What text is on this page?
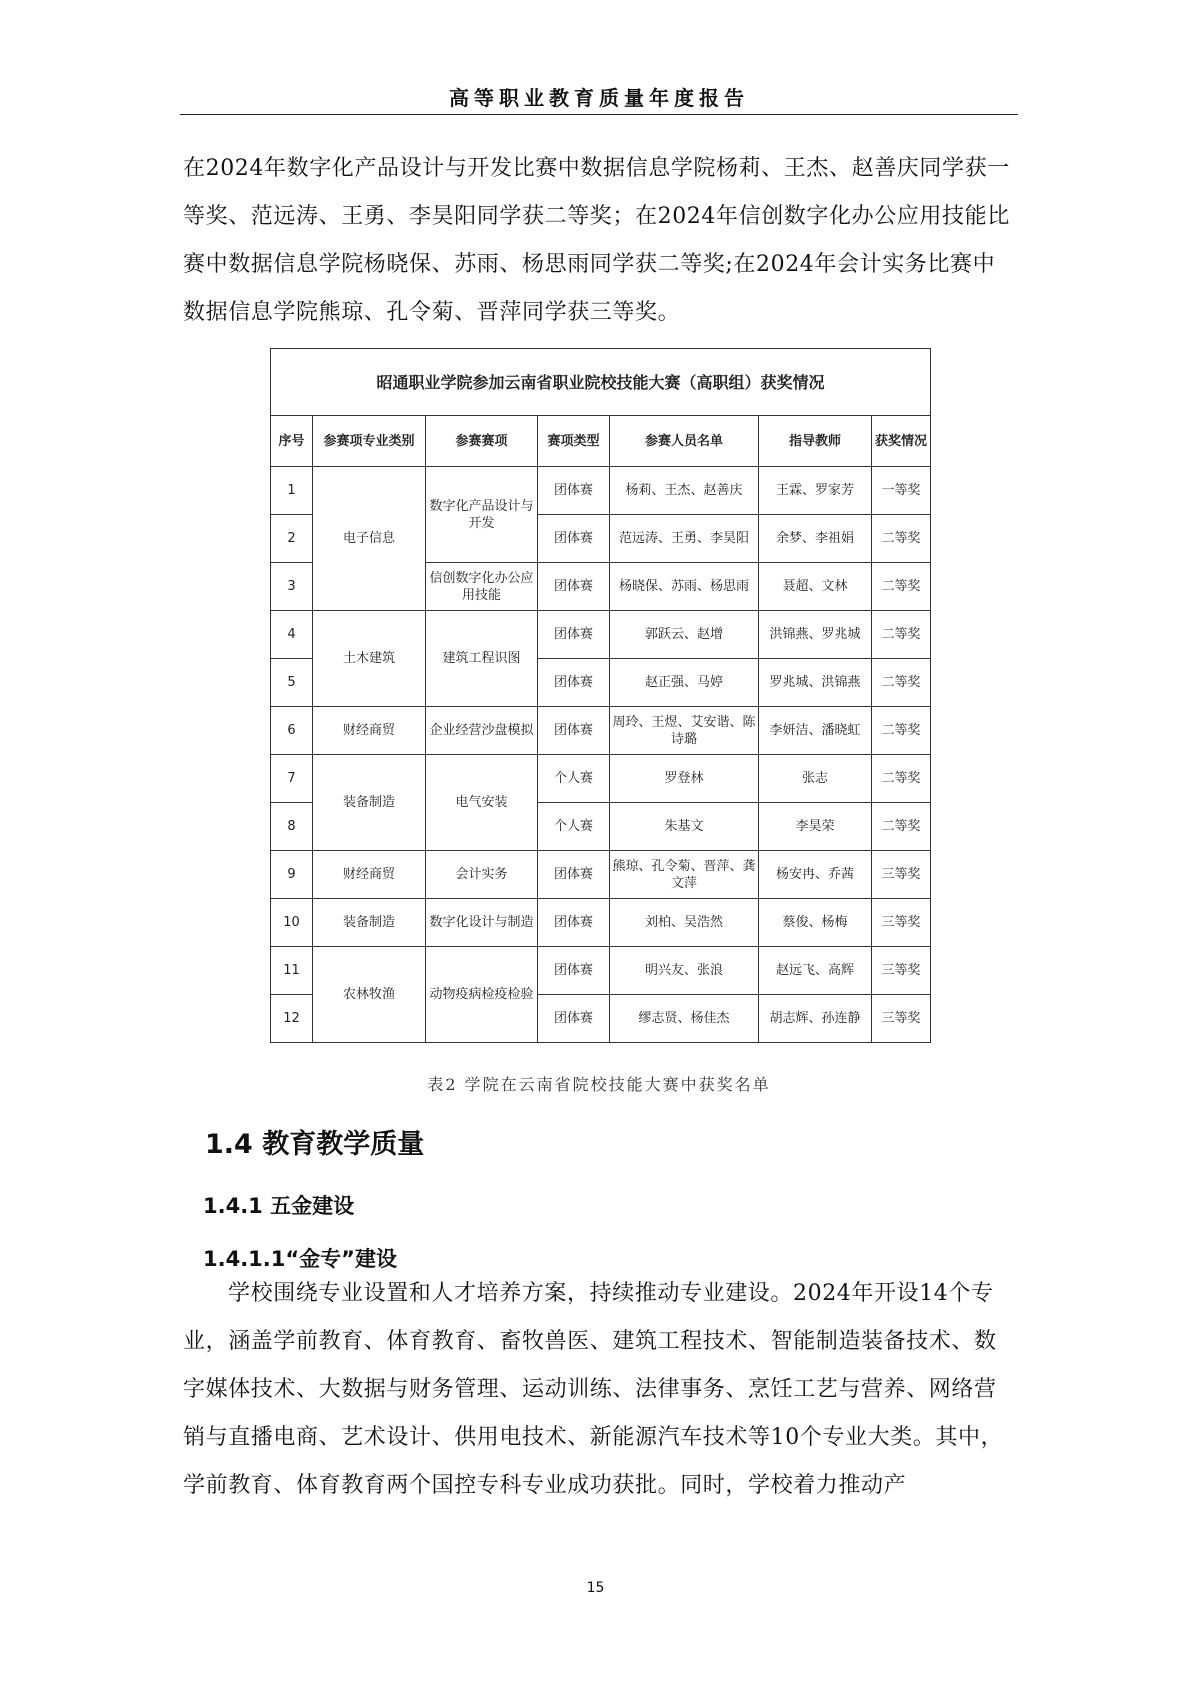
高等职业教育质量年度报告

在2024年数字化产品设计与开发比赛中数据信息学院杨莉、王杰、赵善庆同学获一等奖、范远涛、王勇、李昊阳同学获二等奖；在2024年信创数字化办公应用技能比赛中数据信息学院杨晓保、苏雨、杨思雨同学获二等奖;在2024年会计实务比赛中数据信息学院熊琼、孔令菊、晋萍同学获三等奖。

昭通职业学院参加云南省职业院校技能大赛（高职组）获奖情况						
序号	参赛项专业类别	参赛赛项	赛项类型	参赛人员名单	指导教师	获奖情况
1	电子信息	数字化产品设计与开发	团体赛	杨莉、王杰、赵善庆	王霖、罗家芳	一等奖
2			团体赛	范远涛、王勇、李昊阳	余梦、李祖娟	二等奖
3		信创数字化办公应用技能	团体赛	杨晓保、苏雨、杨思雨	聂超、文林	二等奖
4	土木建筑	建筑工程识图	团体赛	郭跃云、赵增	洪锦燕、罗兆城	二等奖
5			团体赛	赵正强、马婷	罗兆城、洪锦燕	二等奖
6	财经商贸	企业经营沙盘模拟	团体赛	周玲、王煜、艾安谐、陈诗璐	李妍洁、潘晓虹	二等奖
7	装备制造	电气安装	个人赛	罗登林	张志	二等奖
8			个人赛	朱基文	李昊荣	二等奖
9	财经商贸	会计实务	团体赛	熊琼、孔令菊、晋萍、龚文萍	杨安冉、乔茜	三等奖
10	装备制造	数字化设计与制造	团体赛	刘柏、吴浩然	蔡俊、杨梅	三等奖
11	农林牧渔	动物疫病检疫检验	团体赛	明兴友、张浪	赵远飞、高辉	三等奖
12			团体赛	缪志贤、杨佳杰	胡志辉、孙连静	三等奖
表2 学院在云南省院校技能大赛中获奖名单
1.4 教育教学质量
1.4.1 五金建设
1.4.1.1“金专”建设

学校围绕专业设置和人才培养方案，持续推动专业建设。2024年开设14个专业，涵盖学前教育、体育教育、畜牧兽医、建筑工程技术、智能制造装备技术、数字媒体技术、大数据与财务管理、运动训练、法律事务、烹饪工艺与营养、网络营销与直播电商、艺术设计、供用电技术、新能源汽车技术等10个专业大类。其中，学前教育、体育教育两个国控专科专业成功获批。同时，学校着力推动产

15
